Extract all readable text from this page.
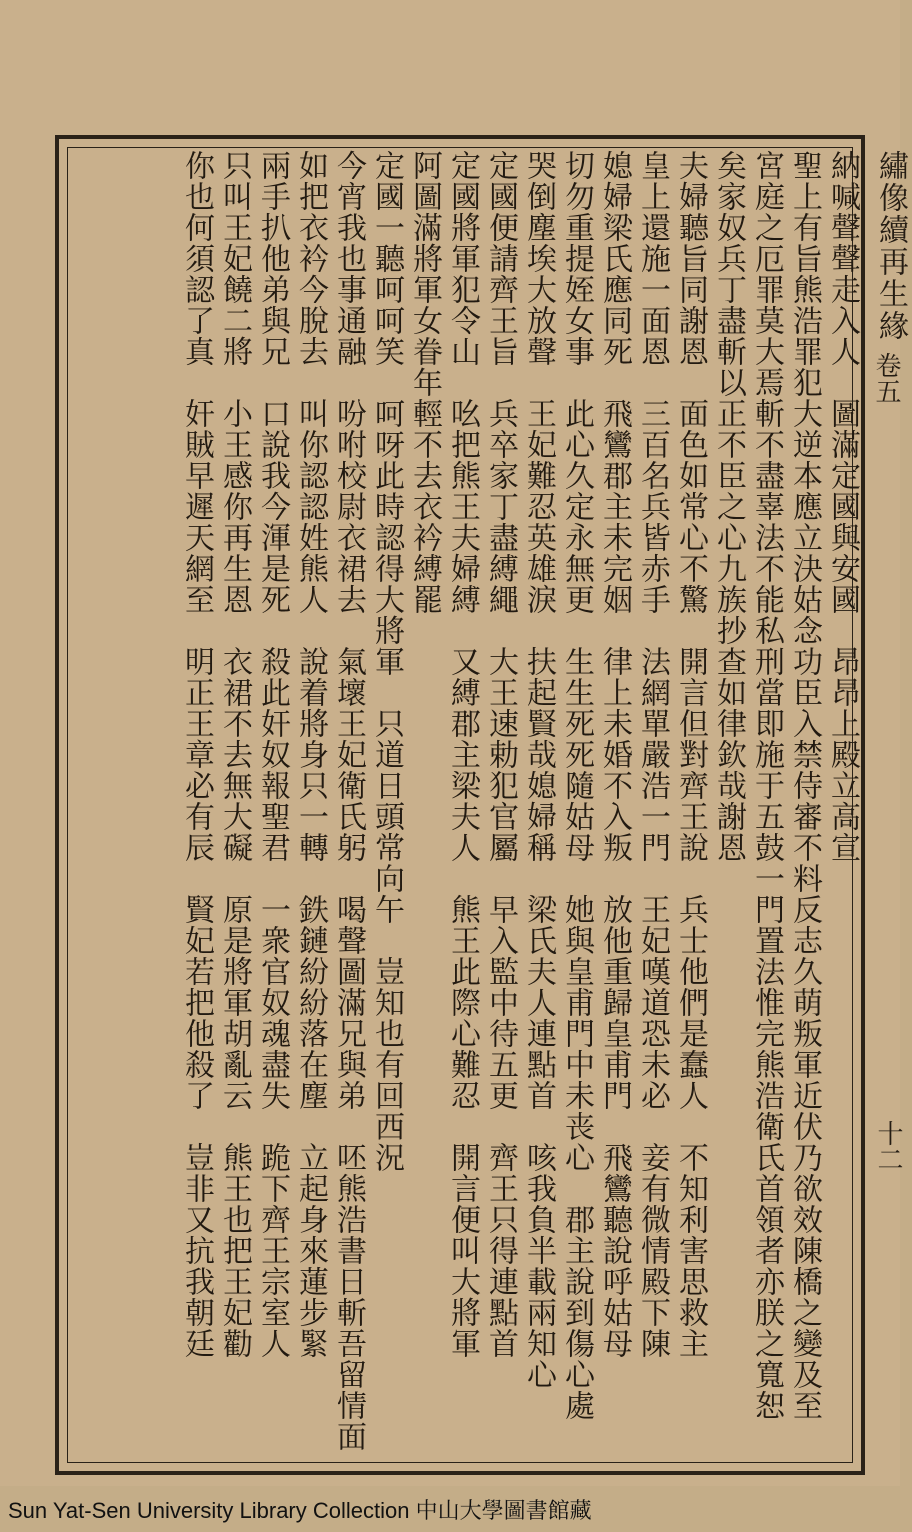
繡像續再生緣
卷五
十二
納喊聲聲走入人　圖滿定國與安國　昂昂上殿立高宣
聖上有旨熊浩罪犯大逆本應立決姑念功臣入禁侍審不料反志久萌叛軍近伏乃欲效陳橋之變及至
宮庭之厄罪莫大焉斬不盡辜法不能私刑當即施于五鼓一門置法惟完熊浩衛氏首領者亦朕之寬恕
矣家奴兵丁盡斬以正不臣之心九族抄查如律欽哉謝恩
夫婦聽旨同謝恩　面色如常心不驚　開言但對齊王說　兵士他們是蠢人　不知利害思救主
皇上還施一面恩　三百名兵皆赤手　法網單嚴浩一門　王妃嘆道恐未必　妾有微情殿下陳
媳婦梁氏應同死　飛鸞郡主未完姻　律上未婚不入叛　放他重歸皇甫門　飛鸞聽說呼姑母
切勿重提姪女事　此心久定永無更　生生死死隨姑母　她與皇甫門中未丧心　郡主說到傷心處
哭倒塵埃大放聲　王妃難忍英雄淚　扶起賢哉媳婦稱　梁氏夫人連點首　咳我負半載兩知心
定國便請齊王旨　兵卒家丁盡縛繩　大王速勅犯官屬　早入監中待五更　齊王只得連點首
定國將軍犯令山　吆把熊王夫婦縛　又縛郡主梁夫人　熊王此際心難忍　開言便叫大將軍
阿圖滿將軍女眷年輕不去衣衿縛罷
定國一聽呵呵笑　呵呀此時認得大將軍　只道日頭常向午　豈知也有回西況
今宵我也事通融　吩咐校尉衣裙去　氣壞王妃衛氏躬　喝聲圖滿兄與弟　呸熊浩書日斬吾留情面
如把衣衿今脫去　叫你認認姓熊人　說着將身只一轉　鉄鏈紛紛落在塵　立起身來蓮步緊
兩手扒他弟與兄　口說我今渾是死　殺此奸奴報聖君　一衆官奴魂盡失　跪下齊王宗室人
只叫王妃饒二將　小王感你再生恩　衣裙不去無大礙　原是將軍胡亂云　熊王也把王妃勸
你也何須認了真　奸賊早遲天網至　明正王章必有辰　賢妃若把他殺了　豈非又抗我朝廷
Sun Yat-Sen University Library Collection 中山大學圖書館藏
